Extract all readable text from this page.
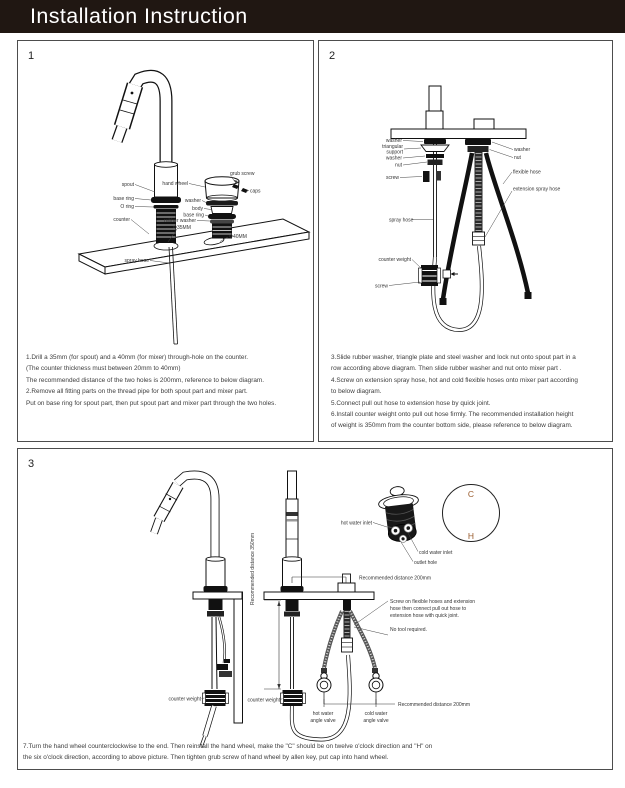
Installation Instruction
1
spout
base ring
O ring
counter
hand wheel
grub screw
caps
washer
body
base ring
rubber washer
Φ35MM
Φ40MM
spray hose
1.Drill a 35mm (for spout) and a 40mm (for mixer) through-hole on the counter.
(The counter thickness must between 20mm to 40mm)
The recommended distance of the two holes is 200mm, reference to below diagram.
2.Remove all fitting parts on the thread pipe for both spout part and mixer part.
Put on base ring for spout part, then put spout part and mixer part through the two holes.
2
washer
triangular
support
washer
nut
screw
spray hose
washer
nut
flexible hose
extension spray hose
counter weight
screw
3.Slide rubber washer, triangle plate and steel washer and lock nut onto spout part in a
row according above diagram. Then slide rubber washer and nut onto mixer part .
4.Screw on extension spray hose, hot and cold flexible hoses onto mixer part according
to below diagram.
5.Connect pull out hose to extension hose by quick joint.
6.Install counter weight onto pull out hose firmly. The recommended installation height
of weight is 350mm from the counter bottom side, please reference to below diagram.
3
counter weight
Recommended distance 200mm
Recommended distance 350mm
Recommended distance 200mm
counter weight
hot water
angle valve
cold water
angle valve
hot water inlet
cold water inlet
outlet hole
C
H
Screw on flexible hoses and extension
hose then connect pull out hose to
extension hose with quick joint.
No tool required.
7.Turn the hand wheel counterclockwise to the end. Then reinstall the hand wheel, make the "C" should be on twelve o'clock direction and "H" on
the six o'clock direction, according to above picture. Then tighten grub screw of hand wheel by allen key, put cap into hand wheel.
